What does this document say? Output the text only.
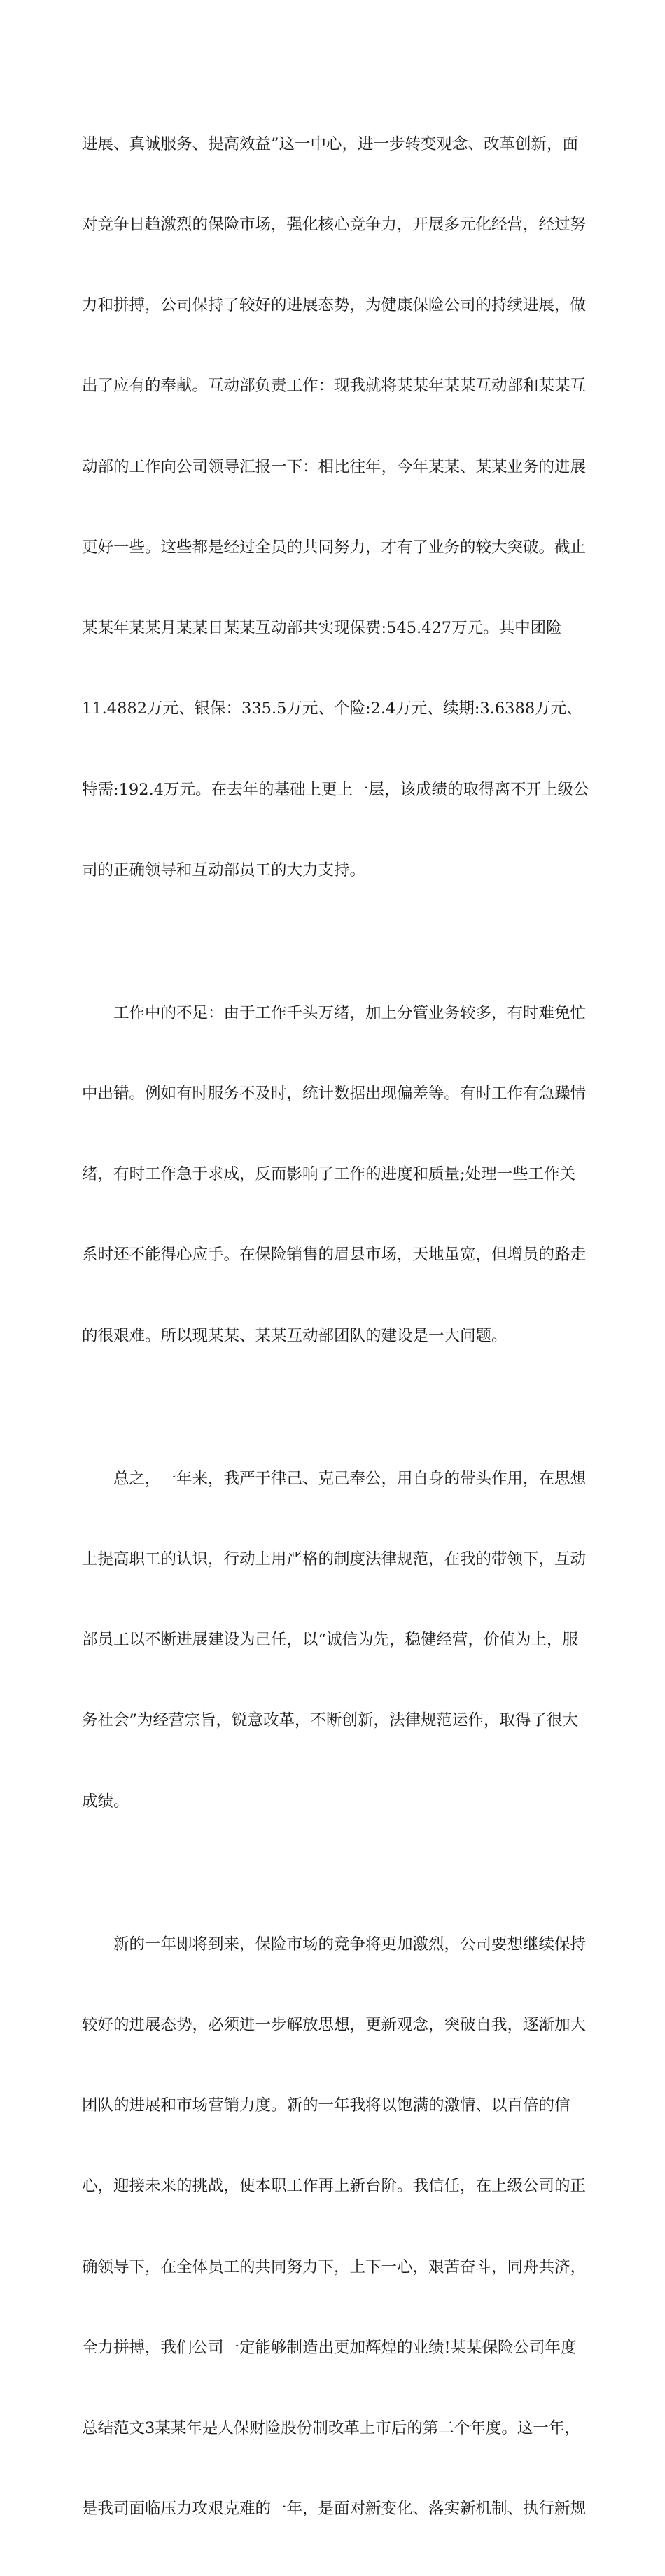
进展、真诚服务、提高效益”这一中心，进一步转变观念、改革创新，面

对竞争日趋激烈的保险市场，强化核心竞争力，开展多元化经营，经过努

力和拼搏，公司保持了较好的进展态势，为健康保险公司的持续进展，做

出了应有的奉献。互动部负责工作：现我就将某某年某某互动部和某某互

动部的工作向公司领导汇报一下：相比往年，今年某某、某某业务的进展

更好一些。这些都是经过全员的共同努力，才有了业务的较大突破。截止

某某年某某月某某日某某互动部共实现保费:545.427万元。其中团险

11.4882万元、银保：335.5万元、个险:2.4万元、续期:3.6388万元、

特需:192.4万元。在去年的基础上更上一层，该成绩的取得离不开上级公

司的正确领导和互动部员工的大力支持。

工作中的不足：由于工作千头万绪，加上分管业务较多，有时难免忙

中出错。例如有时服务不及时，统计数据出现偏差等。有时工作有急躁情

绪，有时工作急于求成，反而影响了工作的进度和质量;处理一些工作关

系时还不能得心应手。在保险销售的眉县市场，天地虽宽，但增员的路走

的很艰难。所以现某某、某某互动部团队的建设是一大问题。

总之，一年来，我严于律己、克己奉公，用自身的带头作用，在思想

上提高职工的认识，行动上用严格的制度法律规范，在我的带领下，互动

部员工以不断进展建设为己任，以“诚信为先，稳健经营，价值为上，服

务社会”为经营宗旨，锐意改革，不断创新，法律规范运作，取得了很大

成绩。

新的一年即将到来，保险市场的竞争将更加激烈，公司要想继续保持

较好的进展态势，必须进一步解放思想，更新观念，突破自我，逐渐加大

团队的进展和市场营销力度。新的一年我将以饱满的激情、以百倍的信

心，迎接未来的挑战，使本职工作再上新台阶。我信任，在上级公司的正

确领导下，在全体员工的共同努力下，上下一心，艰苦奋斗，同舟共济，

全力拼搏，我们公司一定能够制造出更加辉煌的业绩!某某保险公司年度

总结范文3某某年是人保财险股份制改革上市后的第二个年度。这一年，

是我司面临压力攻艰克难的一年，是面对新变化、落实新机制、执行新规
